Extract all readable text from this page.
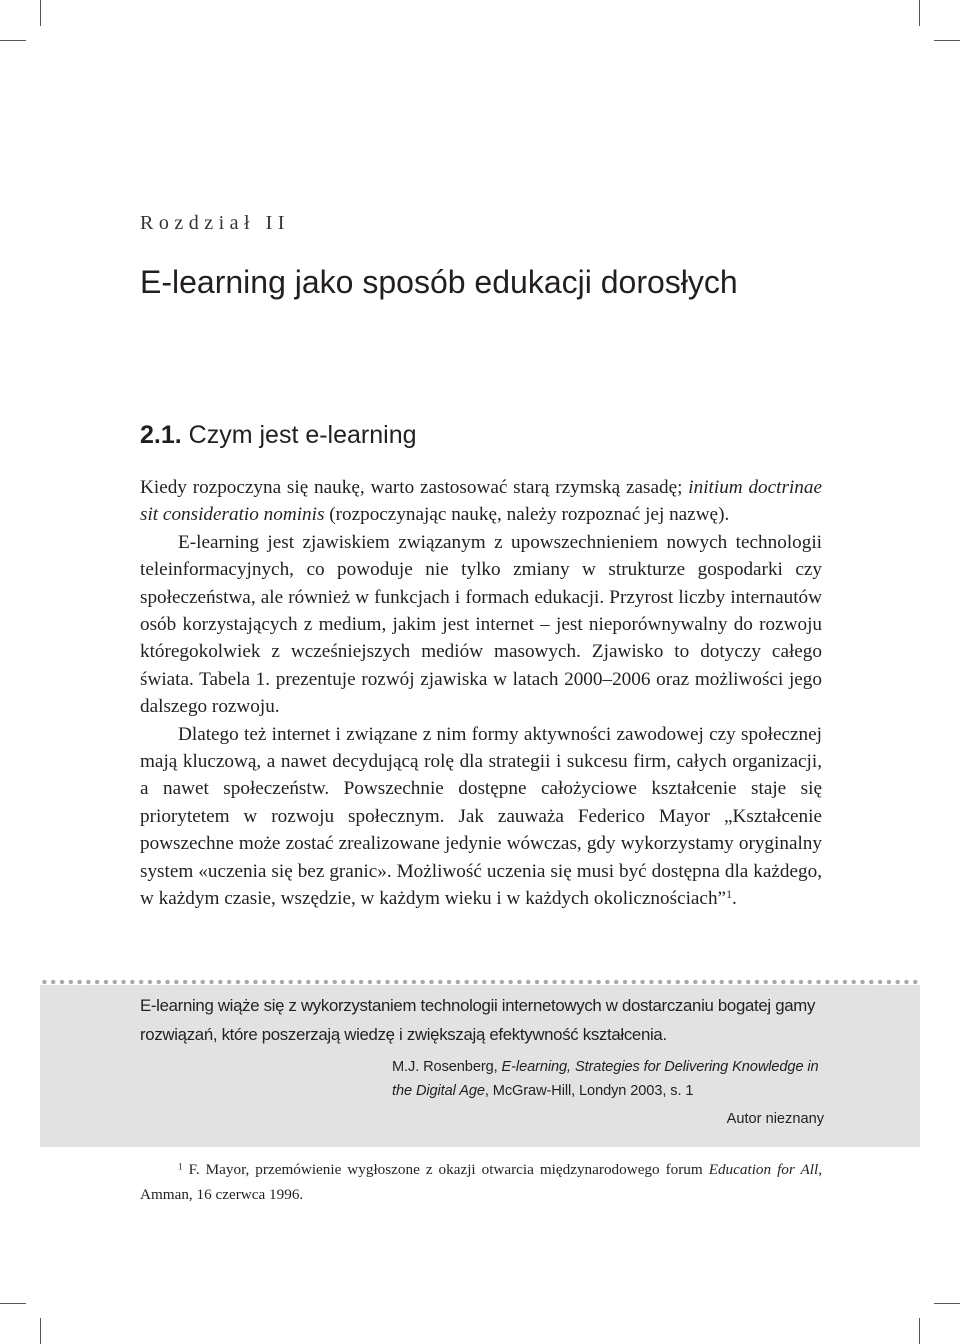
Rozdział II
E-learning jako sposób edukacji dorosłych
2.1. Czym jest e-learning

Kiedy rozpoczyna się naukę, warto zastosować starą rzymską zasadę; initium doctrinae sit consideratio nominis (rozpoczynając naukę, należy rozpoznać jej nazwę).

E-learning jest zjawiskiem związanym z upowszechnieniem nowych technologii teleinformacyjnych, co powoduje nie tylko zmiany w strukturze gospodarki czy społeczeństwa, ale również w funkcjach i formach edukacji. Przyrost liczby internautów osób korzystających z medium, jakim jest internet – jest nieporównywalny do rozwoju któregokolwiek z wcześniejszych mediów masowych. Zjawisko to dotyczy całego świata. Tabela 1. prezentuje rozwój zjawiska w latach 2000–2006 oraz możliwości jego dalszego rozwoju.

Dlatego też internet i związane z nim formy aktywności zawodowej czy społecznej mają kluczową, a nawet decydującą rolę dla strategii i sukcesu firm, całych organizacji, a nawet społeczeństw. Powszechnie dostępne całożyciowe kształcenie staje się priorytetem w rozwoju społecznym. Jak zauważa Federico Mayor „Kształcenie powszechne może zostać zrealizowane jedynie wówczas, gdy wykorzystamy oryginalny system «uczenia się bez granic». Możliwość uczenia się musi być dostępna dla każdego, w każdym czasie, wszędzie, w każdym wieku i w każdych okolicznościach”$^1$.

E-learning wiąże się z wykorzystaniem technologii internetowych w dostarczaniu bogatej gamy rozwiązań, które poszerzają wiedzę i zwiększają efektywność kształcenia.
M.J. Rosenberg, E-learning, Strategies for Delivering Knowledge in the Digital Age, McGraw-Hill, Londyn 2003, s. 1
Autor nieznany
$^1$ F. Mayor, przemówienie wygłoszone z okazji otwarcia międzynarodowego forum Education for All, Amman, 16 czerwca 1996.
